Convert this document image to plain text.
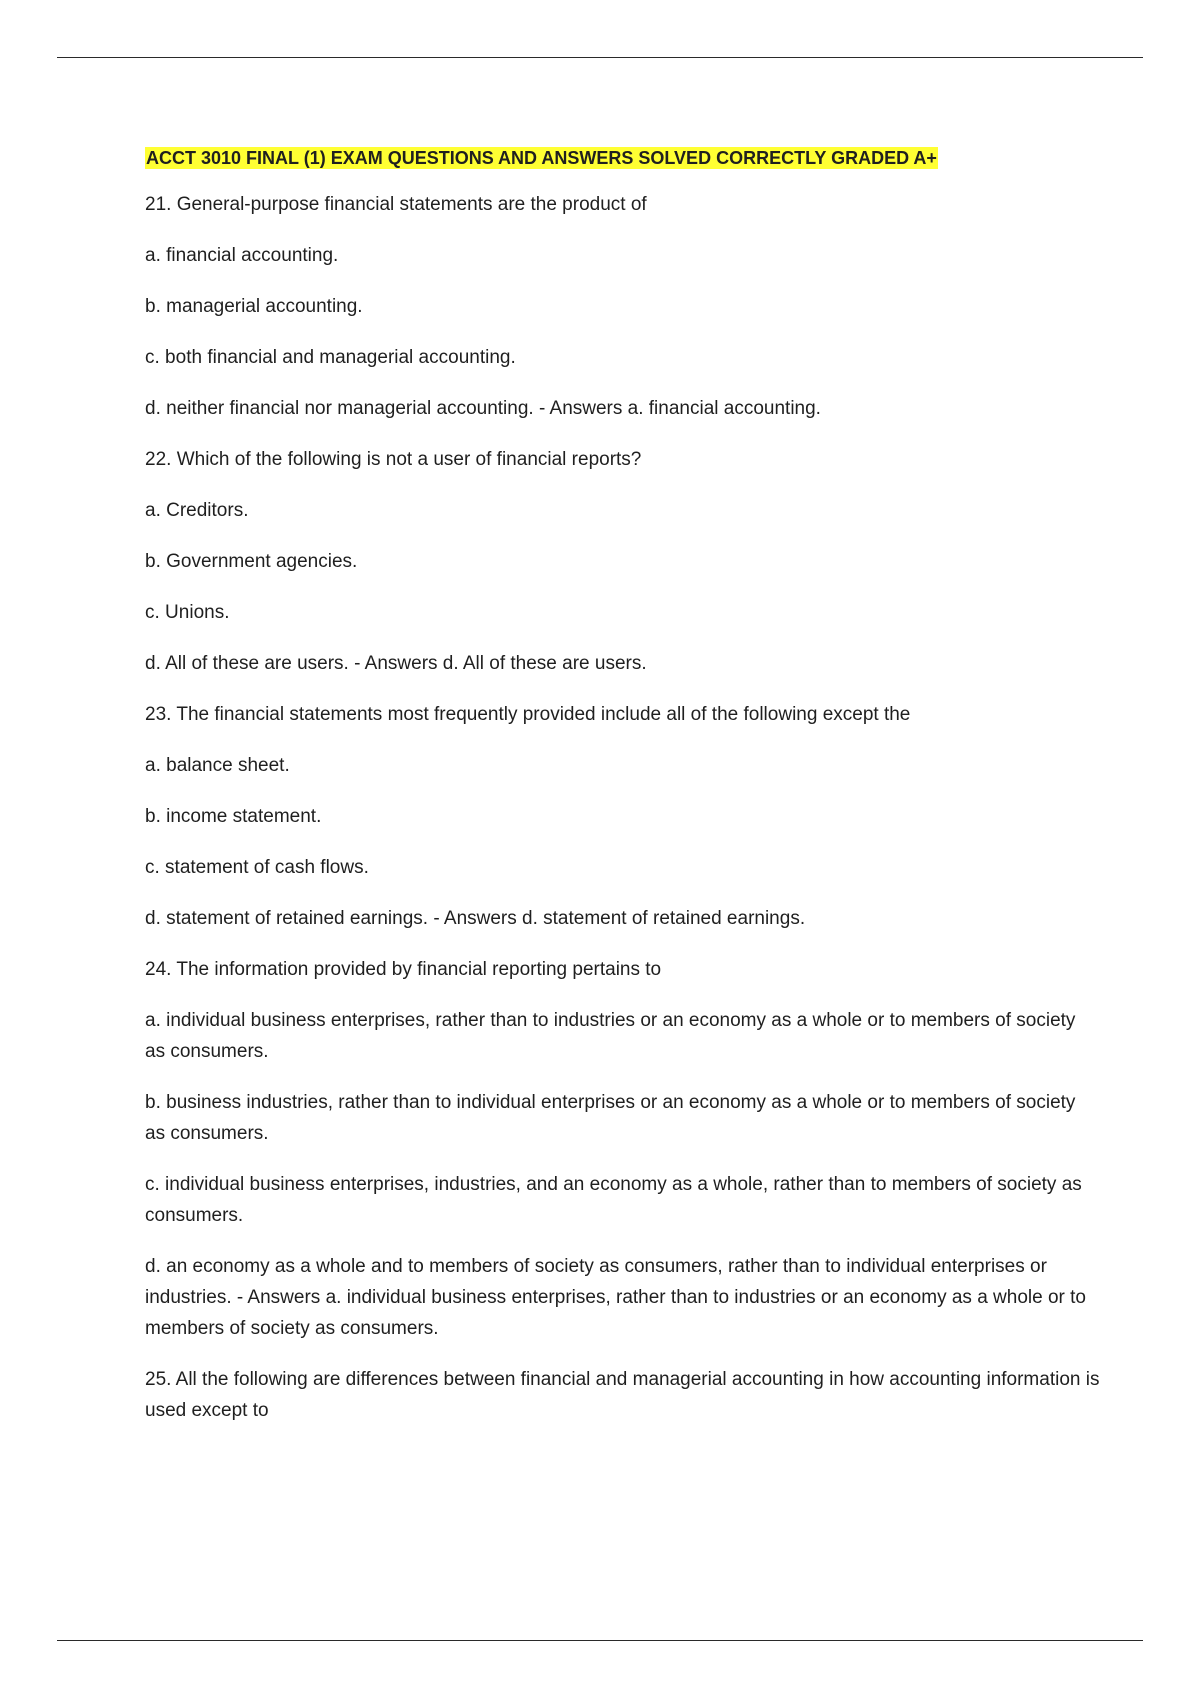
ACCT 3010 FINAL (1) EXAM QUESTIONS AND ANSWERS SOLVED CORRECTLY GRADED A+

21. General-purpose financial statements are the product of

a. financial accounting.

b. managerial accounting.

c. both financial and managerial accounting.

d. neither financial nor managerial accounting. - Answers a. financial accounting.

22. Which of the following is not a user of financial reports?

a. Creditors.

b. Government agencies.

c. Unions.

d. All of these are users. - Answers d. All of these are users.

23. The financial statements most frequently provided include all of the following except the

a. balance sheet.

b. income statement.

c. statement of cash flows.

d. statement of retained earnings. - Answers d. statement of retained earnings.

24. The information provided by financial reporting pertains to

a. individual business enterprises, rather than to industries or an economy as a whole or to members of society as consumers.

b. business industries, rather than to individual enterprises or an economy as a whole or to members of society as consumers.

c. individual business enterprises, industries, and an economy as a whole, rather than to members of society as consumers.

d. an economy as a whole and to members of society as consumers, rather than to individual enterprises or industries. - Answers a. individual business enterprises, rather than to industries or an economy as a whole or to members of society as consumers.

25. All the following are differences between financial and managerial accounting in how accounting information is used except to
